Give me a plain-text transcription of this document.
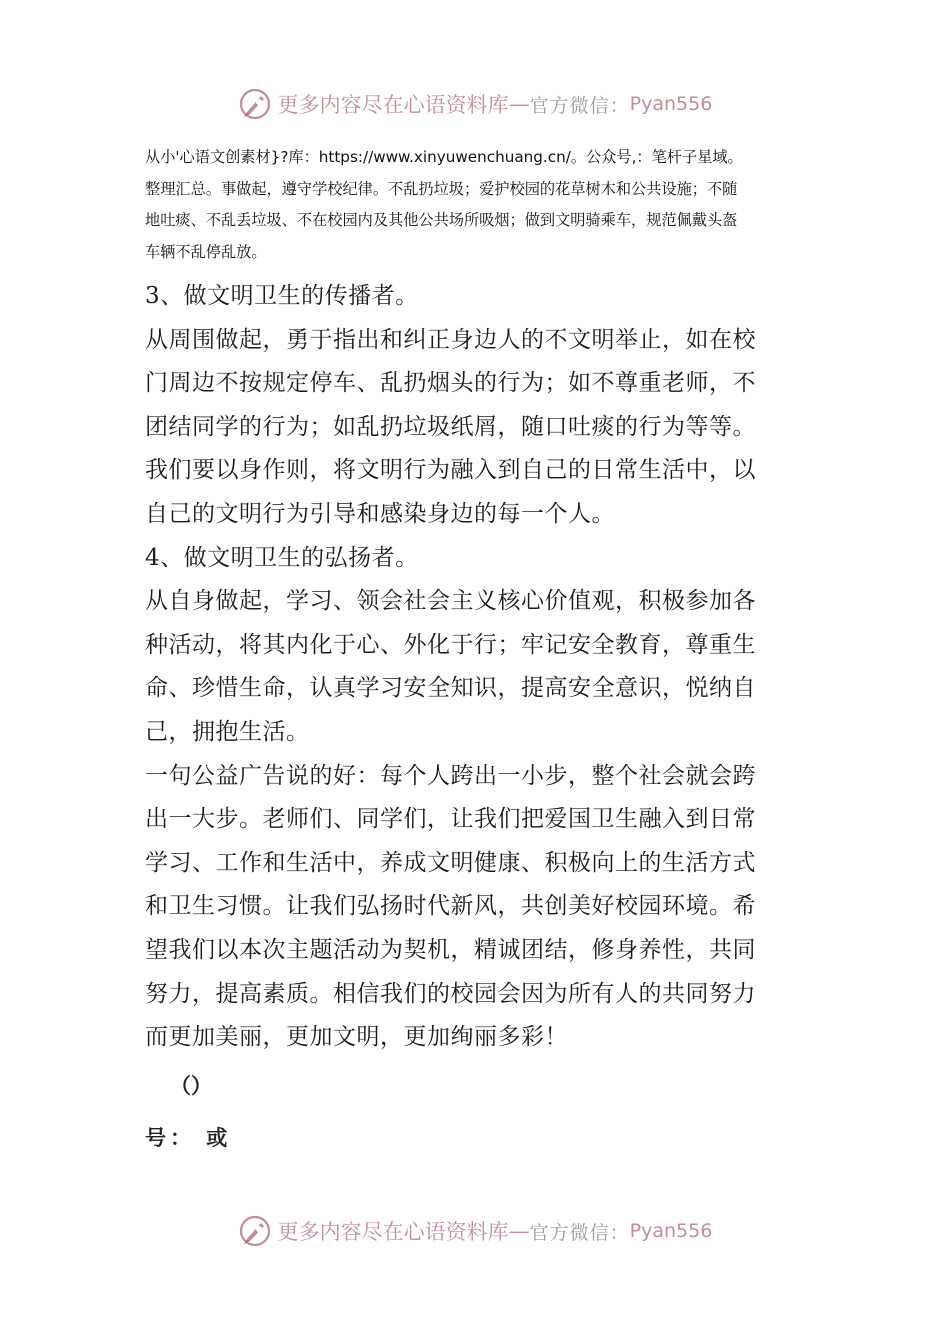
更多内容尽在心语资料库 — 官方微信： Pyan556
从小'心语文创素材}?库：https://www.xinyuwenchuang.cn/。公众号,：笔杆子星域。
整理汇总。事做起，遵守学校纪律。不乱扔垃圾；爱护校园的花草树木和公共设施；不随
地吐痰、不乱丢垃圾、不在校园内及其他公共场所吸烟；做到文明骑乘车，规范佩戴头盔
车辆不乱停乱放。
3、做文明卫生的传播者。
从周围做起，勇于指出和纠正身边人的不文明举止，如在校
门周边不按规定停车、乱扔烟头的行为；如不尊重老师，不
团结同学的行为；如乱扔垃圾纸屑，随口吐痰的行为等等。
我们要以身作则，将文明行为融入到自己的日常生活中，以
自己的文明行为引导和感染身边的每一个人。
4、做文明卫生的弘扬者。
从自身做起，学习、领会社会主义核心价值观，积极参加各
种活动，将其内化于心、外化于行；牢记安全教育，尊重生
命、珍惜生命，认真学习安全知识，提高安全意识，悦纳自
己，拥抱生活。
一句公益广告说的好：每个人跨出一小步，整个社会就会跨
出一大步。老师们、同学们，让我们把爱国卫生融入到日常
学习、工作和生活中，养成文明健康、积极向上的生活方式
和卫生习惯。让我们弘扬时代新风，共创美好校园环境。希
望我们以本次主题活动为契机，精诚团结，修身养性，共同
努力，提高素质。相信我们的校园会因为所有人的共同努力
而更加美丽，更加文明，更加绚丽多彩！
（）
号： 或
更多内容尽在心语资料库 — 官方微信： Pyan556
